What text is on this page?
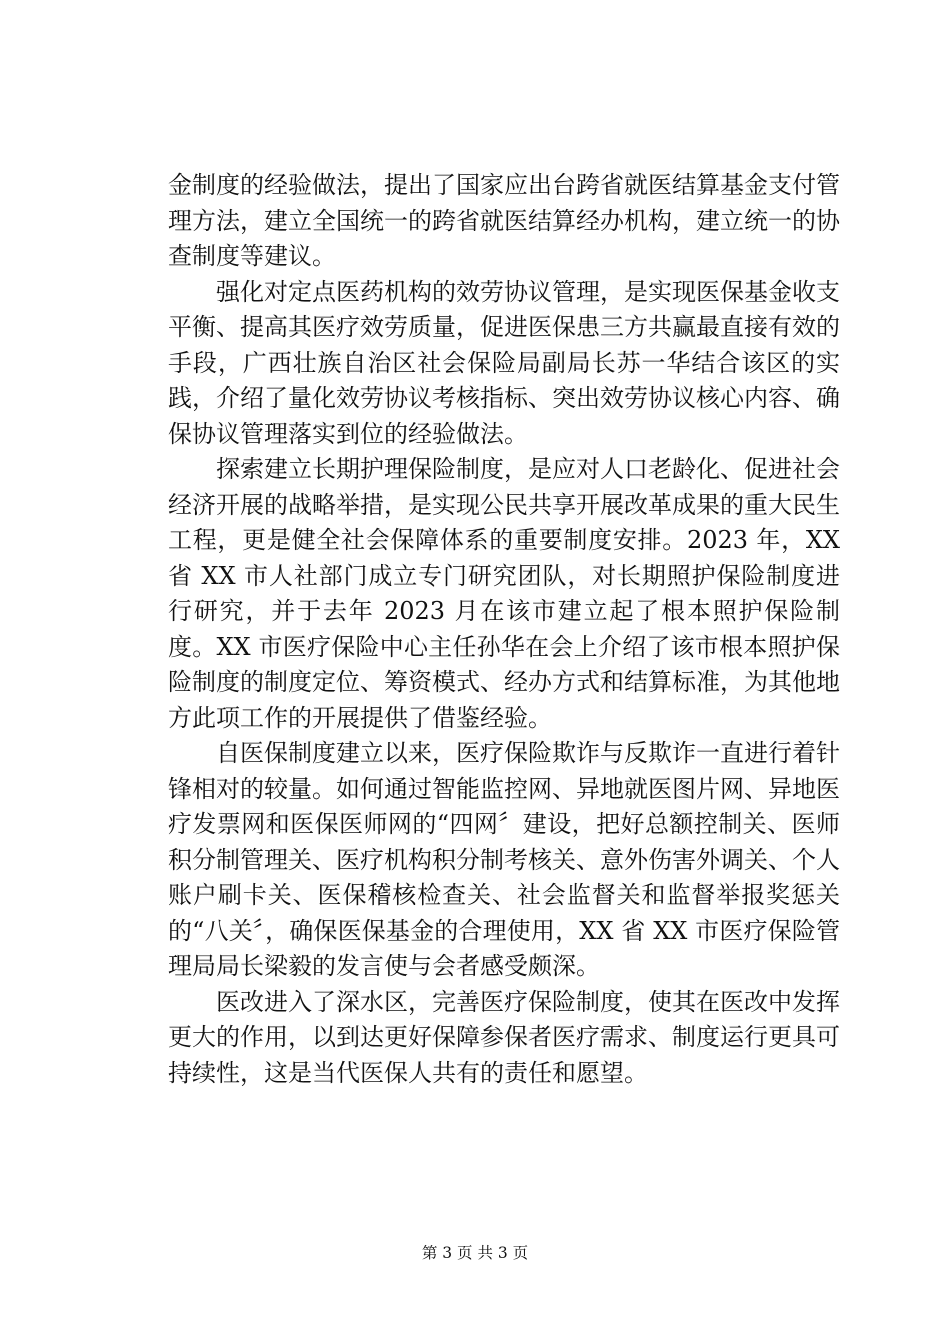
金制度的经验做法，提出了国家应出台跨省就医结算基金支付管理方法，建立全国统一的跨省就医结算经办机构，建立统一的协查制度等建议。

　　强化对定点医药机构的效劳协议管理，是实现医保基金收支平衡、提高其医疗效劳质量，促进医保患三方共赢最直接有效的手段，广西壮族自治区社会保险局副局长苏一华结合该区的实践，介绍了量化效劳协议考核指标、突出效劳协议核心内容、确保协议管理落实到位的经验做法。

　　探索建立长期护理保险制度，是应对人口老龄化、促进社会经济开展的战略举措，是实现公民共享开展改革成果的重大民生工程，更是健全社会保障体系的重要制度安排。2023 年，XX 省 XX 市人社部门成立专门研究团队，对长期照护保险制度进行研究，并于去年 2023 月在该市建立起了根本照护保险制度。XX 市医疗保险中心主任孙华在会上介绍了该市根本照护保险制度的制度定位、筹资模式、经办方式和结算标准，为其他地方此项工作的开展提供了借鉴经验。

　　自医保制度建立以来，医疗保险欺诈与反欺诈一直进行着针锋相对的较量。如何通过智能监控网、异地就医图片网、异地医疗发票网和医保医师网的“四网〞建设，把好总额控制关、医师积分制管理关、医疗机构积分制考核关、意外伤害外调关、个人账户刷卡关、医保稽核检查关、社会监督关和监督举报奖惩关的“八关〞，确保医保基金的合理使用，XX 省 XX 市医疗保险管理局局长梁毅的发言使与会者感受颇深。

　　医改进入了深水区，完善医疗保险制度，使其在医改中发挥更大的作用，以到达更好保障参保者医疗需求、制度运行更具可持续性，这是当代医保人共有的责任和愿望。

第 3 页 共 3 页
